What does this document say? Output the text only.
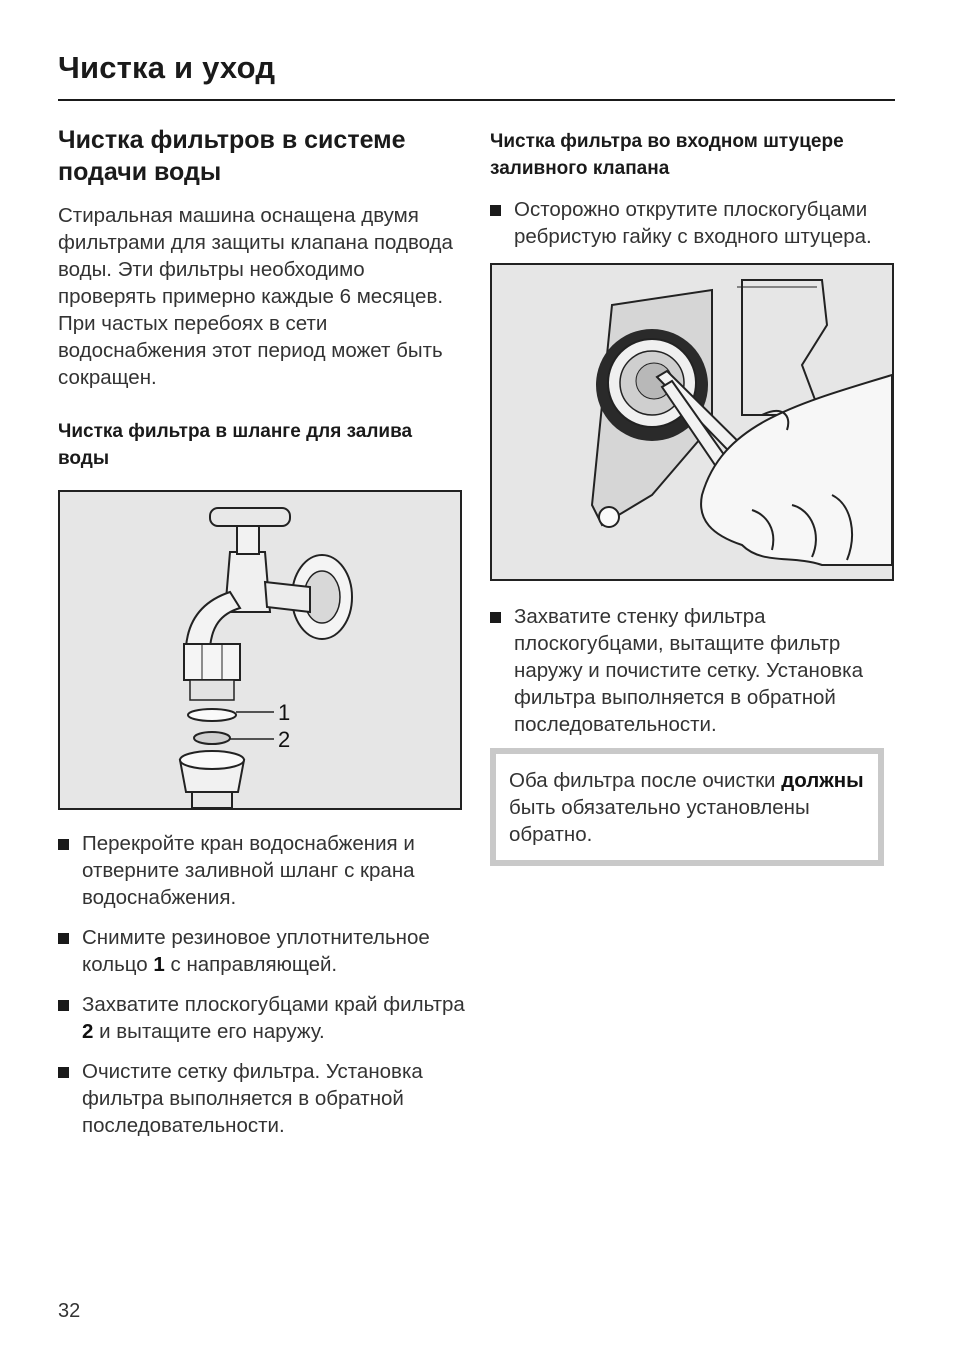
Чистка и уход
Чистка фильтров в системе подачи воды

Стиральная машина оснащена двумя фильтрами для защиты клапана подвода воды. Эти фильтры необходимо проверять примерно каждые 6 месяцев. При частых перебоях в сети водоснабжения этот период может быть сокращен.

Чистка фильтра в шланге для залива воды
1
2
Перекройте кран водоснабжения и отверните заливной шланг с крана водоснабжения.
Снимите резиновое уплотнительное кольцо 1 с направляющей.
Захватите плоскогубцами край фильтра 2 и вытащите его наружу.
Очистите сетку фильтра. Установка фильтра выполняется в обратной последовательности.
Чистка фильтра во входном штуцере заливного клапана
Осторожно открутите плоскогубцами ребристую гайку с входного штуцера.
Захватите стенку фильтра плоскогубцами, вытащите фильтр наружу и почистите сетку. Установка фильтра выполняется в обратной последовательности.
Оба фильтра после очистки должны быть обязательно установлены обратно.
32
